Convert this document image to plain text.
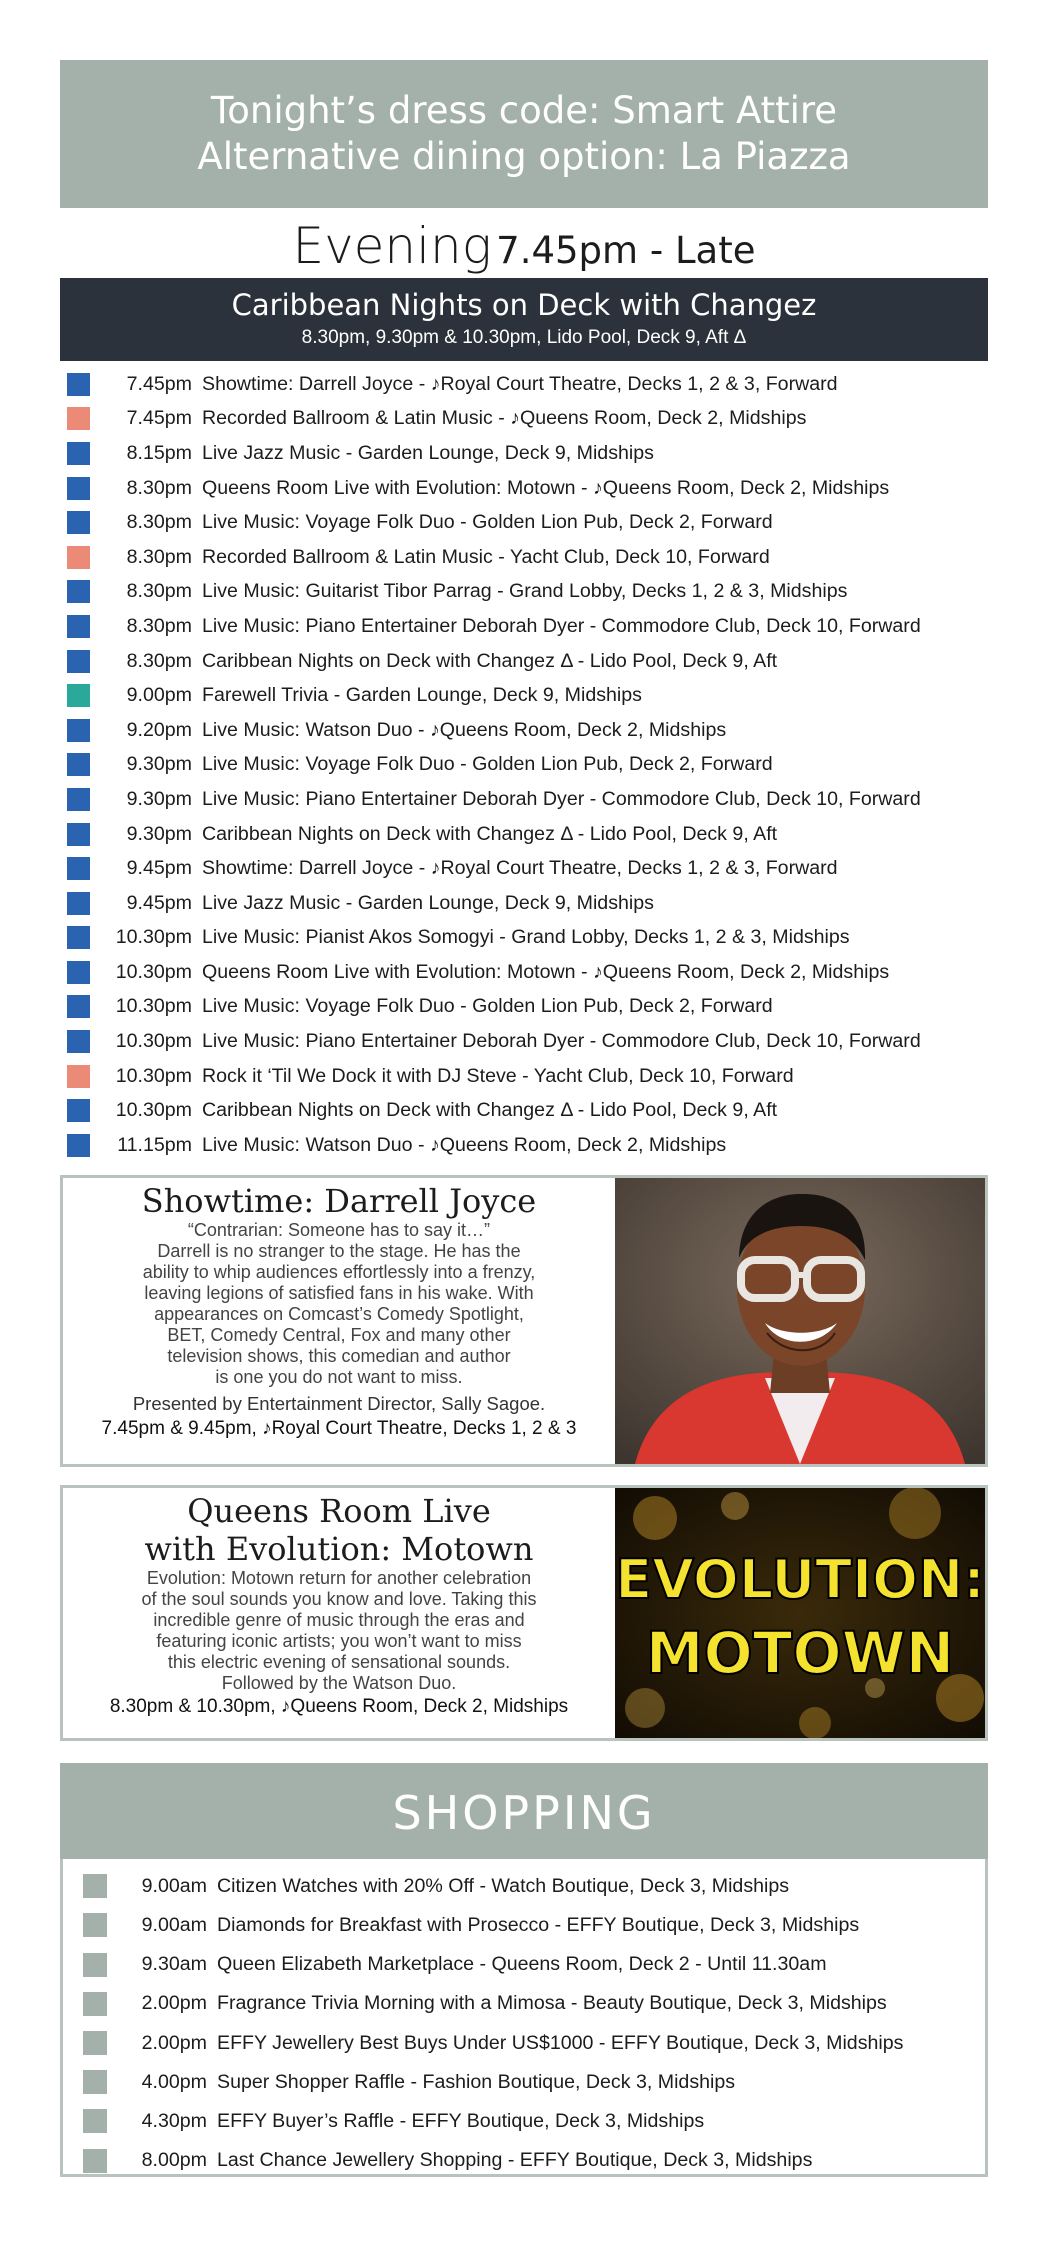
Tonight’s dress code: Smart Attire
Alternative dining option: La Piazza
Evening 7.45pm - Late
Caribbean Nights on Deck with Changez
8.30pm, 9.30pm & 10.30pm, Lido Pool, Deck 9, Aft Δ
7.45pm Showtime: Darrell Joyce - ♪Royal Court Theatre, Decks 1, 2 & 3, Forward
7.45pm Recorded Ballroom & Latin Music - ♪Queens Room, Deck 2, Midships
8.15pm Live Jazz Music - Garden Lounge, Deck 9, Midships
8.30pm Queens Room Live with Evolution: Motown - ♪Queens Room, Deck 2, Midships
8.30pm Live Music: Voyage Folk Duo - Golden Lion Pub, Deck 2, Forward
8.30pm Recorded Ballroom & Latin Music - Yacht Club, Deck 10, Forward
8.30pm Live Music: Guitarist Tibor Parrag - Grand Lobby, Decks 1, 2 & 3, Midships
8.30pm Live Music: Piano Entertainer Deborah Dyer - Commodore Club, Deck 10, Forward
8.30pm Caribbean Nights on Deck with Changez Δ - Lido Pool, Deck 9, Aft
9.00pm Farewell Trivia - Garden Lounge, Deck 9, Midships
9.20pm Live Music: Watson Duo - ♪Queens Room, Deck 2, Midships
9.30pm Live Music: Voyage Folk Duo - Golden Lion Pub, Deck 2, Forward
9.30pm Live Music: Piano Entertainer Deborah Dyer - Commodore Club, Deck 10, Forward
9.30pm Caribbean Nights on Deck with Changez Δ - Lido Pool, Deck 9, Aft
9.45pm Showtime: Darrell Joyce - ♪Royal Court Theatre, Decks 1, 2 & 3, Forward
9.45pm Live Jazz Music - Garden Lounge, Deck 9, Midships
10.30pm Live Music: Pianist Akos Somogyi - Grand Lobby, Decks 1, 2 & 3, Midships
10.30pm Queens Room Live with Evolution: Motown - ♪Queens Room, Deck 2, Midships
10.30pm Live Music: Voyage Folk Duo - Golden Lion Pub, Deck 2, Forward
10.30pm Live Music: Piano Entertainer Deborah Dyer - Commodore Club, Deck 10, Forward
10.30pm Rock it ‘Til We Dock it with DJ Steve - Yacht Club, Deck 10, Forward
10.30pm Caribbean Nights on Deck with Changez Δ - Lido Pool, Deck 9, Aft
11.15pm Live Music: Watson Duo - ♪Queens Room, Deck 2, Midships
Showtime: Darrell Joyce
“Contrarian: Someone has to say it…”
Darrell is no stranger to the stage. He has the
ability to whip audiences effortlessly into a frenzy,
leaving legions of satisfied fans in his wake. With
appearances on Comcast’s Comedy Spotlight,
BET, Comedy Central, Fox and many other
television shows, this comedian and author
is one you do not want to miss.
Presented by Entertainment Director, Sally Sagoe.
7.45pm & 9.45pm, ♪Royal Court Theatre, Decks 1, 2 & 3
Queens Room Live
with Evolution: Motown
Evolution: Motown return for another celebration
of the soul sounds you know and love. Taking this
incredible genre of music through the eras and
featuring iconic artists; you won’t want to miss
this electric evening of sensational sounds.
Followed by the Watson Duo.
8.30pm & 10.30pm, ♪Queens Room, Deck 2, Midships
EVOLUTION:
MOTOWN
SHOPPING
9.00am Citizen Watches with 20% Off - Watch Boutique, Deck 3, Midships
9.00am Diamonds for Breakfast with Prosecco - EFFY Boutique, Deck 3, Midships
9.30am Queen Elizabeth Marketplace - Queens Room, Deck 2 - Until 11.30am
2.00pm Fragrance Trivia Morning with a Mimosa - Beauty Boutique, Deck 3, Midships
2.00pm EFFY Jewellery Best Buys Under US$1000 - EFFY Boutique, Deck 3, Midships
4.00pm Super Shopper Raffle - Fashion Boutique, Deck 3, Midships
4.30pm EFFY Buyer’s Raffle - EFFY Boutique, Deck 3, Midships
8.00pm Last Chance Jewellery Shopping - EFFY Boutique, Deck 3, Midships
